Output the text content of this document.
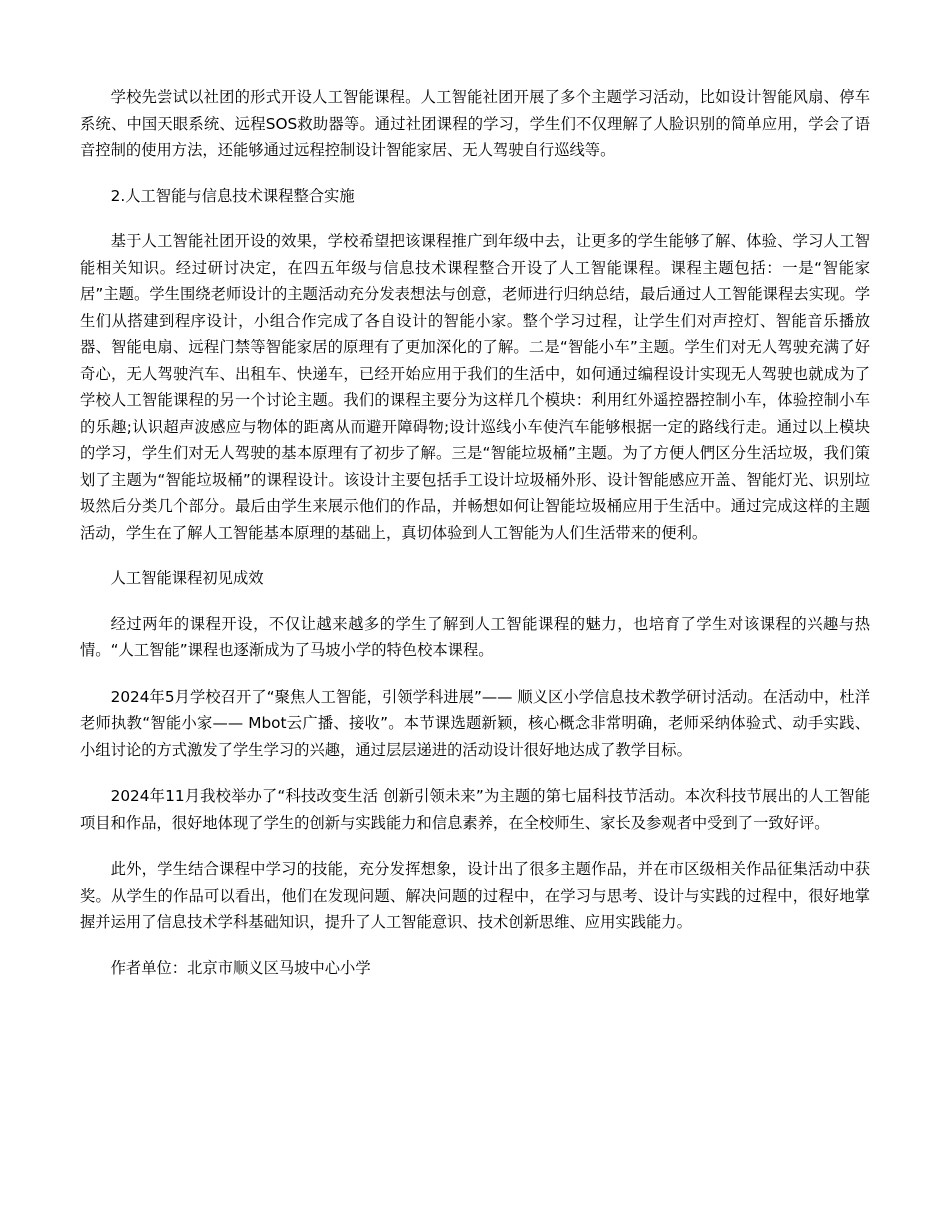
学校先尝试以社团的形式开设人工智能课程。人工智能社团开展了多个主题学习活动，比如设计智能风扇、停车系统、中国天眼系统、远程SOS救助器等。通过社团课程的学习，学生们不仅理解了人脸识别的简单应用，学会了语音控制的使用方法，还能够通过远程控制设计智能家居、无人驾驶自行巡线等。

2.人工智能与信息技术课程整合实施

基于人工智能社团开设的效果，学校希望把该课程推广到年级中去，让更多的学生能够了解、体验、学习人工智能相关知识。经过研讨决定，在四五年级与信息技术课程整合开设了人工智能课程。课程主题包括：一是“智能家居”主题。学生围绕老师设计的主题活动充分发表想法与创意，老师进行归纳总结，最后通过人工智能课程去实现。学生们从搭建到程序设计，小组合作完成了各自设计的智能小家。整个学习过程，让学生们对声控灯、智能音乐播放器、智能电扇、远程门禁等智能家居的原理有了更加深化的了解。二是“智能小车”主题。学生们对无人驾驶充满了好奇心，无人驾驶汽车、出租车、快递车，已经开始应用于我们的生活中，如何通过编程设计实现无人驾驶也就成为了学校人工智能课程的另一个讨论主题。我们的课程主要分为这样几个模块：利用红外遥控器控制小车，体验控制小车的乐趣;认识超声波感应与物体的距离从而避开障碍物;设计巡线小车使汽车能够根据一定的路线行走。通过以上模块的学习，学生们对无人驾驶的基本原理有了初步了解。三是“智能垃圾桶”主题。为了方便人們区分生活垃圾，我们策划了主题为“智能垃圾桶”的课程设计。该设计主要包括手工设计垃圾桶外形、设计智能感应开盖、智能灯光、识别垃圾然后分类几个部分。最后由学生来展示他们的作品，并畅想如何让智能垃圾桶应用于生活中。通过完成这样的主题活动，学生在了解人工智能基本原理的基础上，真切体验到人工智能为人们生活带来的便利。

人工智能课程初见成效

经过两年的课程开设，不仅让越来越多的学生了解到人工智能课程的魅力，也培育了学生对该课程的兴趣与热情。“人工智能”课程也逐渐成为了马坡小学的特色校本课程。

2024年5月学校召开了“聚焦人工智能，引领学科进展”—— 顺义区小学信息技术教学研讨活动。在活动中，杜洋老师执教“智能小家—— Mbot云广播、接收”。本节课选题新颖，核心概念非常明确，老师采纳体验式、动手实践、小组讨论的方式激发了学生学习的兴趣，通过层层递进的活动设计很好地达成了教学目标。

2024年11月我校举办了“科技改变生活 创新引领未来”为主题的第七届科技节活动。本次科技节展出的人工智能项目和作品，很好地体现了学生的创新与实践能力和信息素养，在全校师生、家长及参观者中受到了一致好评。

此外，学生结合课程中学习的技能，充分发挥想象，设计出了很多主题作品，并在市区级相关作品征集活动中获奖。从学生的作品可以看出，他们在发现问题、解决问题的过程中，在学习与思考、设计与实践的过程中，很好地掌握并运用了信息技术学科基础知识，提升了人工智能意识、技术创新思维、应用实践能力。

作者单位：北京市顺义区马坡中心小学
